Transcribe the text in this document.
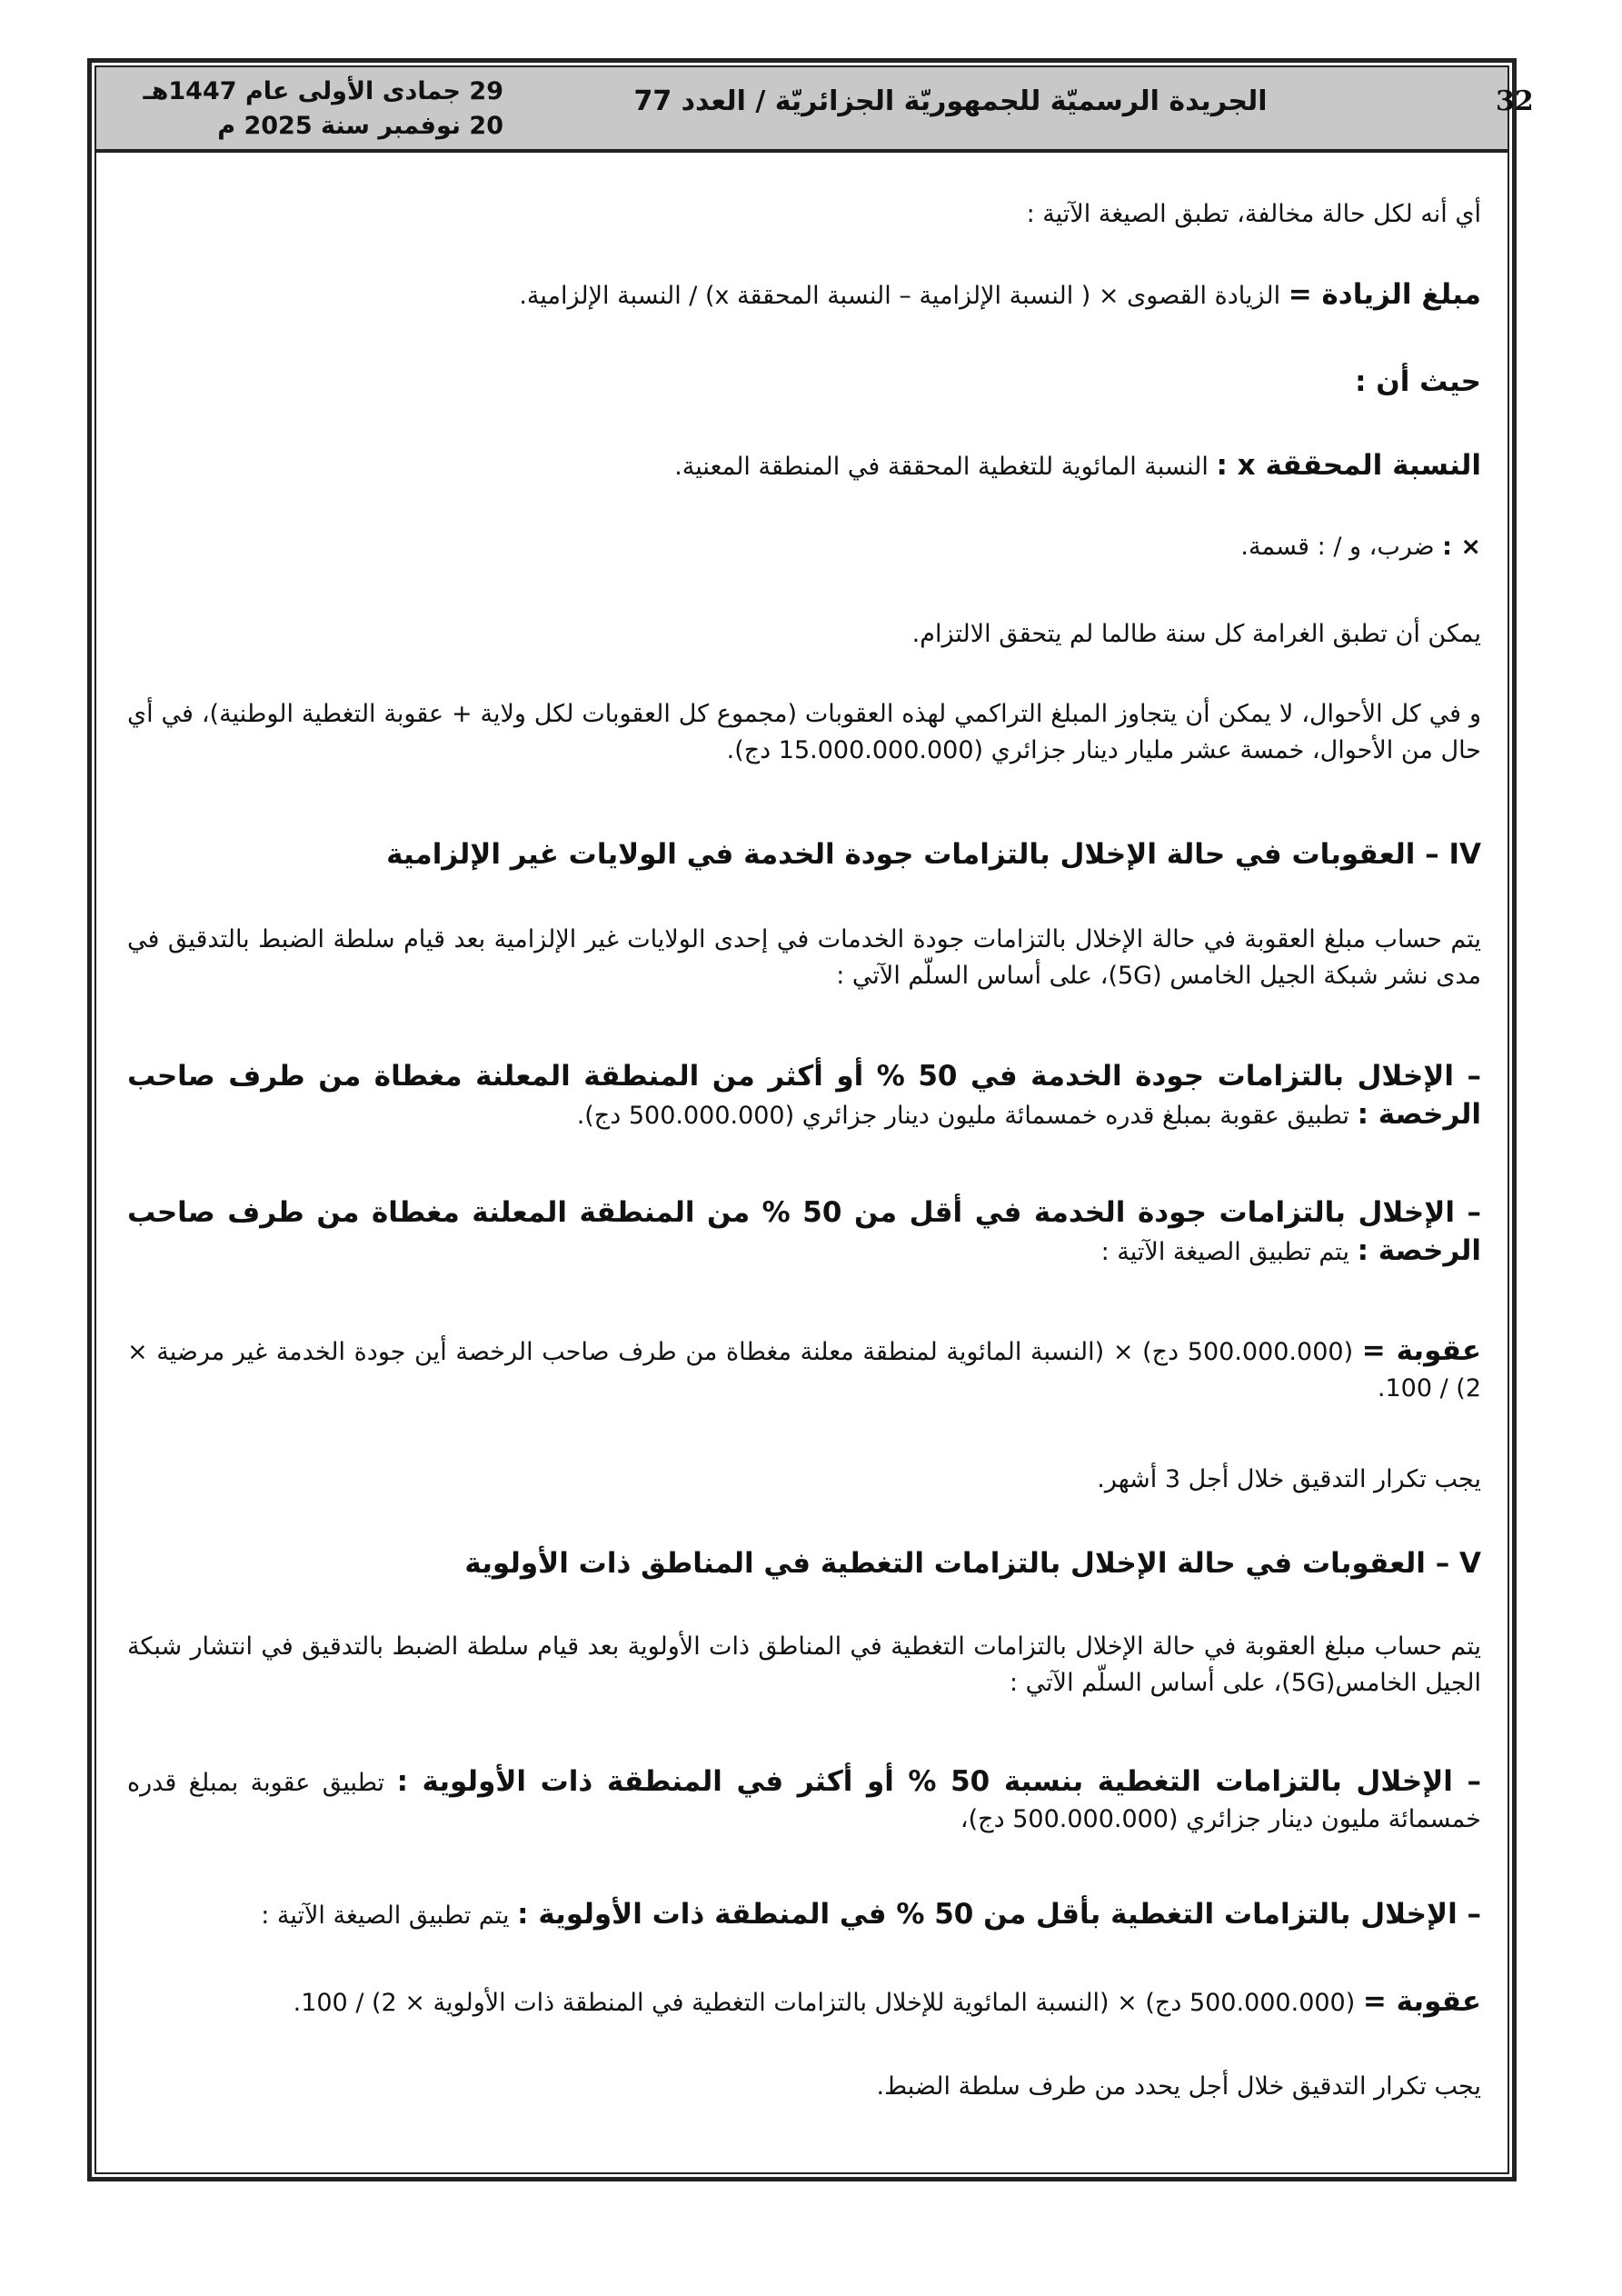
32
الجريدة الرسميّة للجمهوريّة الجزائريّة / العدد 77
29 جمادى الأولى عام 1447هـ
20 نوفمبر سنة 2025 م

أي أنه لكل حالة مخالفة، تطبق الصيغة الآتية :

مبلغ الزيادة = الزيادة القصوى × ( النسبة الإلزامية – النسبة المحققة x) / النسبة الإلزامية.

حيث أن :

النسبة المحققة x : النسبة المائوية للتغطية المحققة في المنطقة المعنية.

× : ضرب، و / : قسمة.

يمكن أن تطبق الغرامة كل سنة طالما لم يتحقق الالتزام.

و في كل الأحوال، لا يمكن أن يتجاوز المبلغ التراكمي لهذه العقوبات (مجموع كل العقوبات لكل ولاية + عقوبة التغطية الوطنية)، في أي حال من الأحوال، خمسة عشر مليار دينار جزائري (15.000.000.000 دج).

IV – العقوبات في حالة الإخلال بالتزامات جودة الخدمة في الولايات غير الإلزامية

يتم حساب مبلغ العقوبة في حالة الإخلال بالتزامات جودة الخدمات في إحدى الولايات غير الإلزامية بعد قيام سلطة الضبط بالتدقيق في مدى نشر شبكة الجيل الخامس (5G)، على أساس السلّم الآتي :

– الإخلال بالتزامات جودة الخدمة في 50 % أو أكثر من المنطقة المعلنة مغطاة من طرف صاحب الرخصة : تطبيق عقوبة بمبلغ قدره خمسمائة مليون دينار جزائري (500.000.000 دج).

– الإخلال بالتزامات جودة الخدمة في أقل من 50 % من المنطقة المعلنة مغطاة من طرف صاحب الرخصة : يتم تطبيق الصيغة الآتية :

عقوبة = (500.000.000 دج) × (النسبة المائوية لمنطقة معلنة مغطاة من طرف صاحب الرخصة أين جودة الخدمة غير مرضية × 2) / 100.

يجب تكرار التدقيق خلال أجل 3 أشهر.

V – العقوبات في حالة الإخلال بالتزامات التغطية في المناطق ذات الأولوية

يتم حساب مبلغ العقوبة في حالة الإخلال بالتزامات التغطية في المناطق ذات الأولوية بعد قيام سلطة الضبط بالتدقيق في انتشار شبكة الجيل الخامس(5G)، على أساس السلّم الآتي :

– الإخلال بالتزامات التغطية بنسبة 50 % أو أكثر في المنطقة ذات الأولوية : تطبيق عقوبة بمبلغ قدره خمسمائة مليون دينار جزائري (500.000.000 دج)،

– الإخلال بالتزامات التغطية بأقل من 50 % في المنطقة ذات الأولوية : يتم تطبيق الصيغة الآتية :

عقوبة = (500.000.000 دج) × (النسبة المائوية للإخلال بالتزامات التغطية في المنطقة ذات الأولوية × 2) / 100.

يجب تكرار التدقيق خلال أجل يحدد من طرف سلطة الضبط.
